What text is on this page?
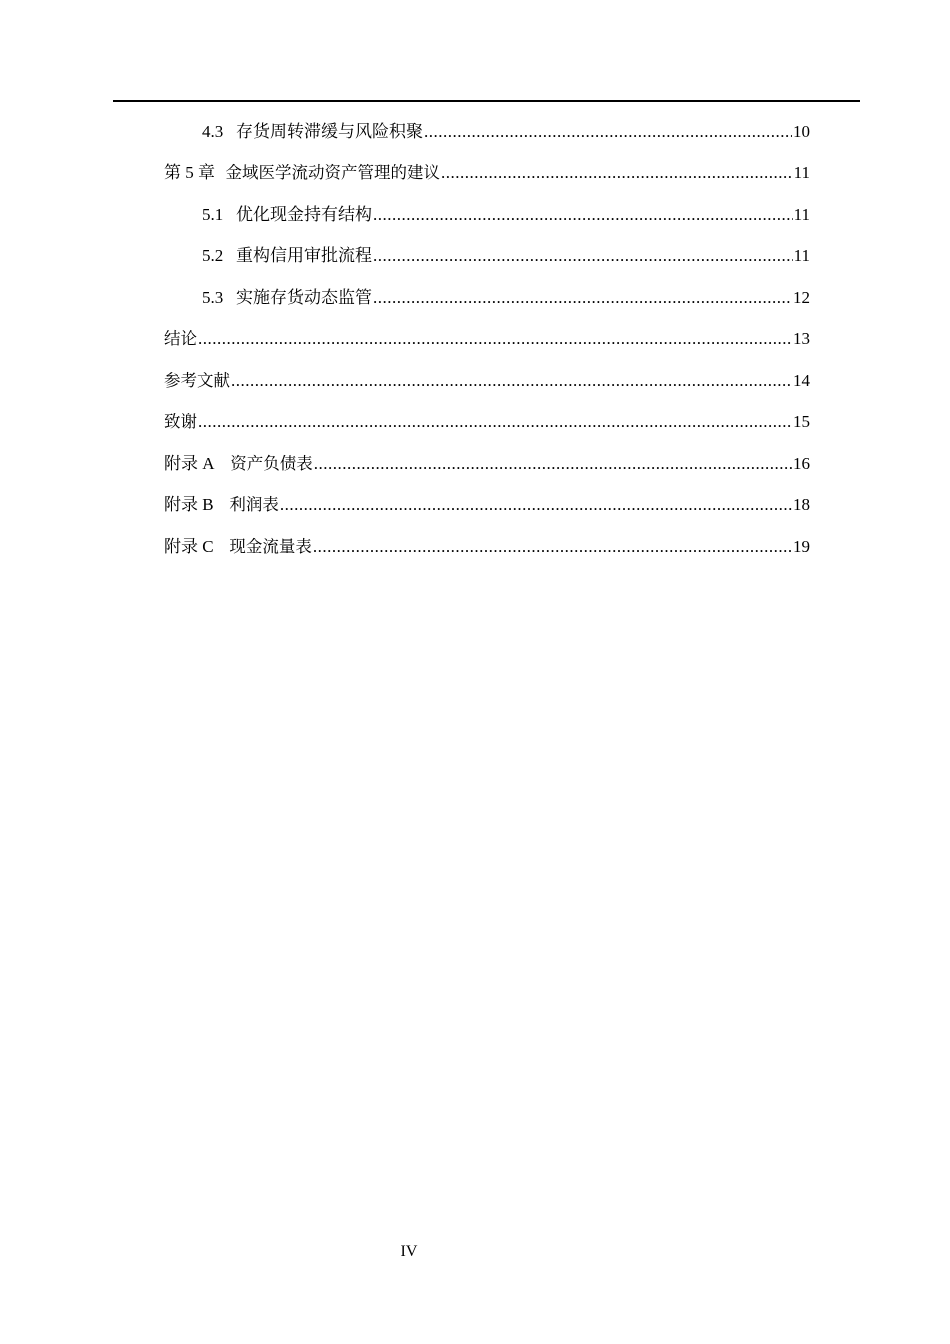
4.3 存货周转滞缓与风险积聚 .....	10
第 5 章 金域医学流动资产管理的建议 .....	11
5.1 优化现金持有结构 .....	11
5.2 重构信用审批流程 .....	11
5.3 实施存货动态监管 .....	12
结论 .....	13
参考文献 .....	14
致谢 .....	15
附录 A 资产负债表 .....	16
附录 B 利润表 .....	18
附录 C 现金流量表 .....	19
IV
